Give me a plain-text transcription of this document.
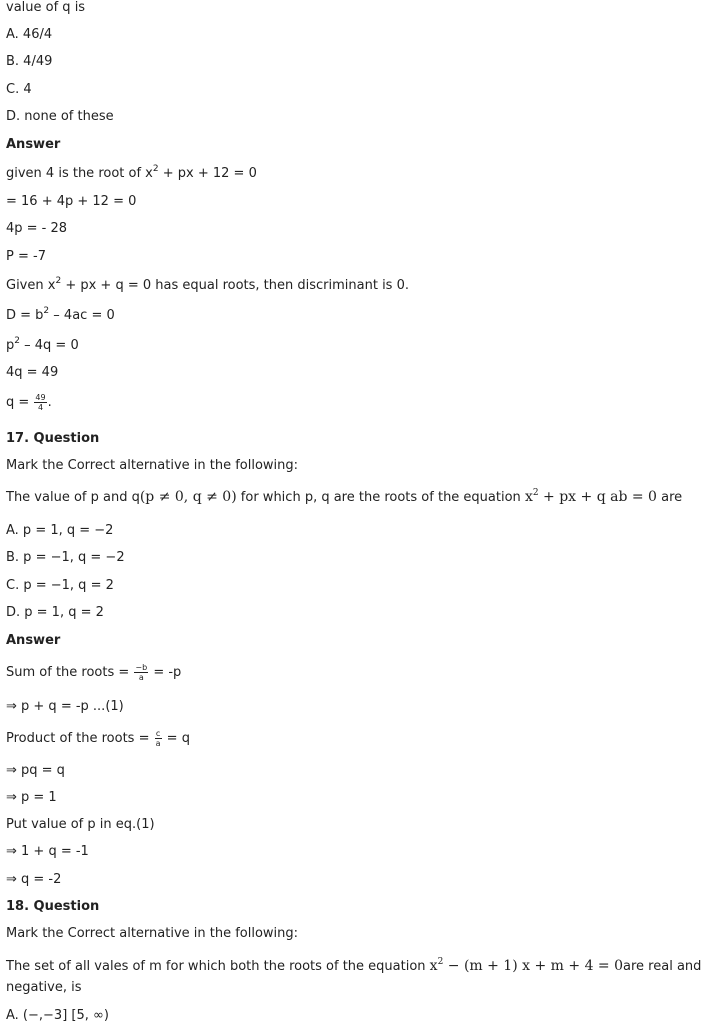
value of q is
A. 46/4
B. 4/49
C. 4
D. none of these
Answer
given 4 is the root of $x^2$ + px + 12 = 0
= 16 + 4p + 12 = 0
4p = - 28
P = -7
Given $x^2$ + px + q = 0 has equal roots, then discriminant is 0.
$D = b^2 - 4ac = 0$
$p^2 - 4q = 0$
4q = 49
$q = \frac{49}{4}$ .
17. Question
Mark the Correct alternative in the following:
The value of p and q(p ≠ 0, q ≠ 0) for which p, q are the roots of the equation $x^2$ + px + q ab = 0 are
A. p = 1, q = −2
B. p = −1, q = −2
C. p = −1, q = 2
D. p = 1, q = 2
Answer
Sum of the roots = $\frac{-b}{a} = -p$
⇒ p + q = -p ...(1)
Product of the roots = $\frac{c}{a} = q$
⇒ pq = q
⇒ p = 1
Put value of p in eq.(1)
⇒ 1 + q = -1
⇒ q = -2
18. Question
Mark the Correct alternative in the following:
The set of all vales of m for which both the roots of the equation $x^2 - (m + 1) x + m + 4 = 0are$ real and
negative, is
A. (−,−3] [5, ∞)
